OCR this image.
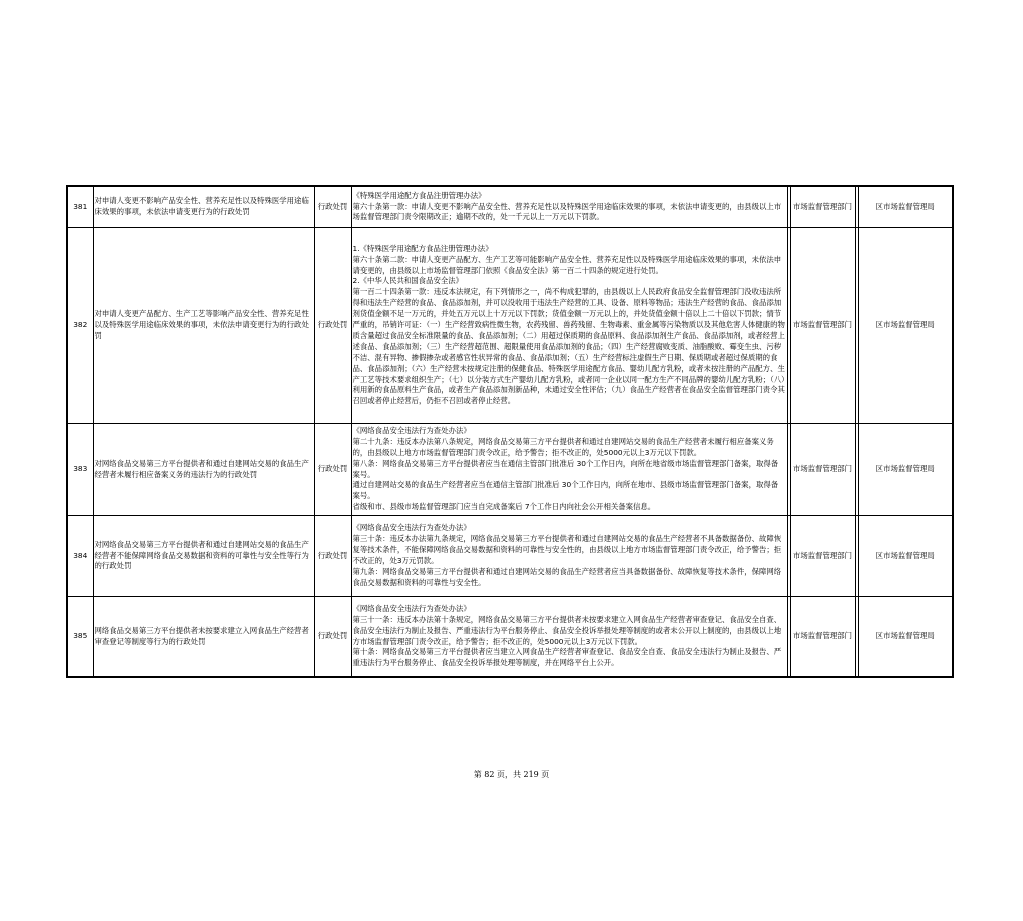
381	对申请人变更不影响产品安全性、营养充足性以及特殊医学用途临床效果的事项，未依法申请变更行为的行政处罚	行政处罚	《特殊医学用途配方食品注册管理办法》
第六十条第一款：申请人变更不影响产品安全性、营养充足性以及特殊医学用途临床效果的事项，未依法申请变更的，由县级以上市场监督管理部门责令限期改正；逾期不改的，处一千元以上一万元以下罚款。		市场监督管理部门		区市场监督管理局
382	对申请人变更产品配方、生产工艺等影响产品安全性、营养充足性以及特殊医学用途临床效果的事项，未依法申请变更行为的行政处罚	行政处罚	1.《特殊医学用途配方食品注册管理办法》
第六十条第二款：申请人变更产品配方、生产工艺等可能影响产品安全性、营养充足性以及特殊医学用途临床效果的事项，未依法申请变更的，由县级以上市场监督管理部门依照《食品安全法》第一百二十四条的规定进行处罚。
2.《中华人民共和国食品安全法》
第一百二十四条第一款：违反本法规定，有下列情形之一，尚不构成犯罪的，由县级以上人民政府食品安全监督管理部门没收违法所得和违法生产经营的食品、食品添加剂，并可以没收用于违法生产经营的工具、设备、原料等物品；违法生产经营的食品、食品添加剂货值金额不足一万元的，并处五万元以上十万元以下罚款；货值金额一万元以上的，并处货值金额十倍以上二十倍以下罚款；情节严重的，吊销许可证：（一）生产经营致病性微生物，农药残留、兽药残留、生物毒素、重金属等污染物质以及其他危害人体健康的物质含量超过食品安全标准限量的食品、食品添加剂；（二）用超过保质期的食品原料、食品添加剂生产食品、食品添加剂，或者经营上述食品、食品添加剂；（三）生产经营超范围、超限量使用食品添加剂的食品；（四）生产经营腐败变质、油脂酸败、霉变生虫、污秽不洁、混有异物、掺假掺杂或者感官性状异常的食品、食品添加剂；（五）生产经营标注虚假生产日期、保质期或者超过保质期的食品、食品添加剂；（六）生产经营未按规定注册的保健食品、特殊医学用途配方食品、婴幼儿配方乳粉，或者未按注册的产品配方、生产工艺等技术要求组织生产；（七）以分装方式生产婴幼儿配方乳粉，或者同一企业以同一配方生产不同品牌的婴幼儿配方乳粉；（八）利用新的食品原料生产食品，或者生产食品添加剂新品种，未通过安全性评估；（九）食品生产经营者在食品安全监督管理部门责令其召回或者停止经营后，仍拒不召回或者停止经营。		市场监督管理部门		区市场监督管理局
383	对网络食品交易第三方平台提供者和通过自建网站交易的食品生产经营者未履行相应备案义务的违法行为的行政处罚	行政处罚	《网络食品安全违法行为查处办法》
第二十九条：违反本办法第八条规定，网络食品交易第三方平台提供者和通过自建网站交易的食品生产经营者未履行相应备案义务的，由县级以上地方市场监督管理部门责令改正，给予警告；拒不改正的，处5000元以上3万元以下罚款。
第八条：网络食品交易第三方平台提供者应当在通信主管部门批准后 30个工作日内，向所在地省级市场监督管理部门备案，取得备案号。
通过自建网站交易的食品生产经营者应当在通信主管部门批准后 30个工作日内，向所在地市、县级市场监督管理部门备案，取得备案号。
省级和市、县级市场监督管理部门应当自完成备案后 7个工作日内向社会公开相关备案信息。		市场监督管理部门		区市场监督管理局
384	对网络食品交易第三方平台提供者和通过自建网站交易的食品生产经营者不能保障网络食品交易数据和资料的可靠性与安全性等行为的行政处罚	行政处罚	《网络食品安全违法行为查处办法》
第三十条：违反本办法第九条规定，网络食品交易第三方平台提供者和通过自建网站交易的食品生产经营者不具备数据备份、故障恢复等技术条件，不能保障网络食品交易数据和资料的可靠性与安全性的，由县级以上地方市场监督管理部门责令改正，给予警告；拒不改正的，处3万元罚款。
第九条：网络食品交易第三方平台提供者和通过自建网站交易的食品生产经营者应当具备数据备份、故障恢复等技术条件，保障网络食品交易数据和资料的可靠性与安全性。		市场监督管理部门		区市场监督管理局
385	网络食品交易第三方平台提供者未按要求建立入网食品生产经营者审查登记等制度等行为的行政处罚	行政处罚	《网络食品安全违法行为查处办法》
第三十一条：违反本办法第十条规定，网络食品交易第三方平台提供者未按要求建立入网食品生产经营者审查登记、食品安全自查、食品安全违法行为制止及报告、严重违法行为平台服务停止、食品安全投诉举报处理等制度的或者未公开以上制度的，由县级以上地方市场监督管理部门责令改正，给予警告；拒不改正的，处5000元以上3万元以下罚款。
第十条：网络食品交易第三方平台提供者应当建立入网食品生产经营者审查登记、食品安全自查、食品安全违法行为制止及报告、严重违法行为平台服务停止、食品安全投诉举报处理等制度，并在网络平台上公开。		市场监督管理部门		区市场监督管理局
第 82 页，共 219 页
